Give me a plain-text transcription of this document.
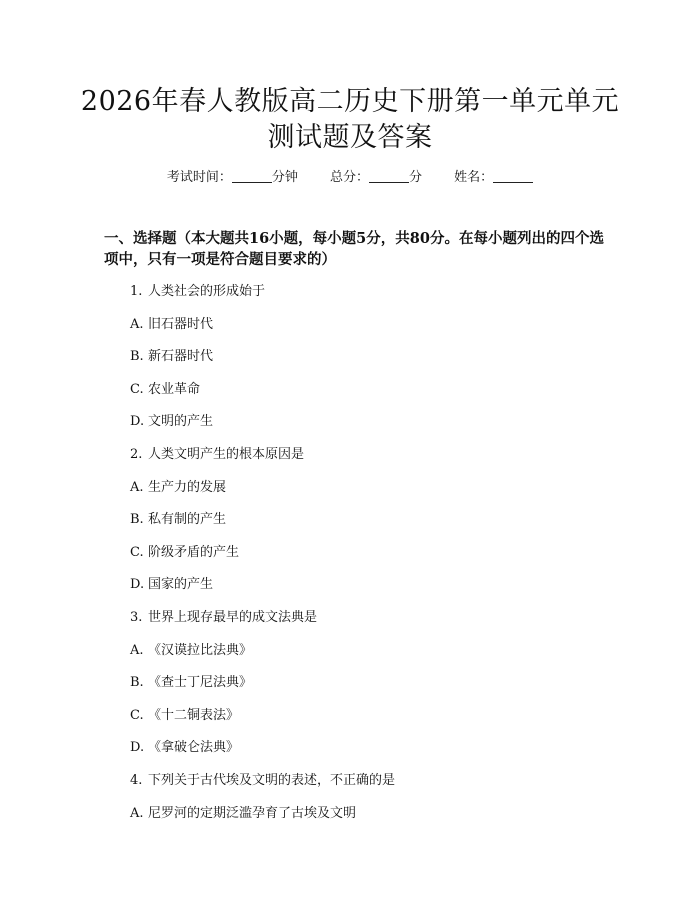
2026年春人教版高二历史下册第一单元单元
测试题及答案
考试时间：	分钟 总分：	分 姓名：
一、选择题（本大题共16小题，每小题5分，共80分。在每小题列出的四个选项中，只有一项是符合题目要求的）
1. 人类社会的形成始于
A. 旧石器时代
B. 新石器时代
C. 农业革命
D. 文明的产生
2. 人类文明产生的根本原因是
A. 生产力的发展
B. 私有制的产生
C. 阶级矛盾的产生
D. 国家的产生
3. 世界上现存最早的成文法典是
A. 《汉谟拉比法典》
B. 《查士丁尼法典》
C. 《十二铜表法》
D. 《拿破仑法典》
4. 下列关于古代埃及文明的表述，不正确的是
A. 尼罗河的定期泛滥孕育了古埃及文明
